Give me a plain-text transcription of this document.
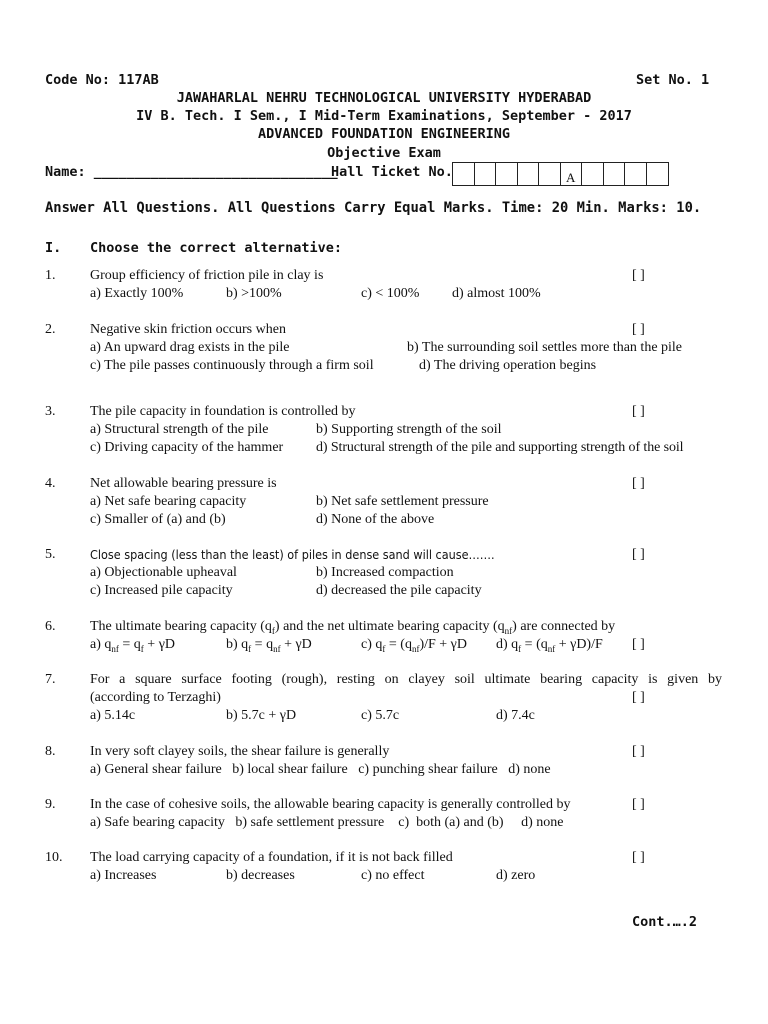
Code No: 117AB	Set No. 1
JAWAHARLAL NEHRU TECHNOLOGICAL UNIVERSITY HYDERABAD
IV B. Tech. I Sem., I Mid-Term Examinations, September - 2017
ADVANCED FOUNDATION ENGINEERING
Objective Exam
Name: ______________________________
Hall Ticket No.	A
Answer All Questions. All Questions Carry Equal Marks. Time: 20 Min. Marks: 10.
I. Choose the correct alternative:
1. Group efficiency of friction pile in clay is	[ ]
a) Exactly 100%	b) >100%	c) < 100% d) almost 100%
2. Negative skin friction occurs when	[ ]
a) An upward drag exists in the pile	b) The surrounding soil settles more than the pile
c) The pile passes continuously through a firm soil	d) The driving operation begins
3. The pile capacity in foundation is controlled by	[ ]
a) Structural strength of the pile	b) Supporting strength of the soil
c) Driving capacity of the hammer d) Structural strength of the pile and supporting strength of the soil
4. Net allowable bearing pressure is	[ ]
a) Net safe bearing capacity	b) Net safe settlement pressure
c) Smaller of (a) and (b)	d) None of the above
5.	Close spacing (less than the least) of piles in dense sand will cause…….	[ ]
a) Objectionable upheaval	b) Increased compaction
c) Increased pile capacity	d) decreased the pile capacity
6. The ultimate bearing capacity $(q_f)$ and the net ultimate bearing capacity $(q_{nf})$ are connected by
a) $q_{nf} = q_f + \gamma D$	b) $q_f = q_{nf} + \gamma D$	c) $q_f = (q_{nf})/F + \gamma D$ d) $q_f = (q_{nf} + \gamma D)/F$ [ ]
7. For a square surface footing (rough), resting on clayey soil ultimate bearing capacity is given by
(according to Terzaghi)	[ ]
a) 5.14c	b) 5.7c + γD	c) 5.7c	d) 7.4c
8. In very soft clayey soils, the shear failure is generally	[ ]
a) General shear failure   b) local shear failure   c) punching shear failure   d) none
9. In the case of cohesive soils, the allowable bearing capacity is generally controlled by	[ ]
a) Safe bearing capacity   b) safe settlement pressure    c)  both (a) and (b)     d) none
10. The load carrying capacity of a foundation, if it is not back filled	[ ]
a) Increases	b) decreases	c) no effect	d) zero
Cont.….2
